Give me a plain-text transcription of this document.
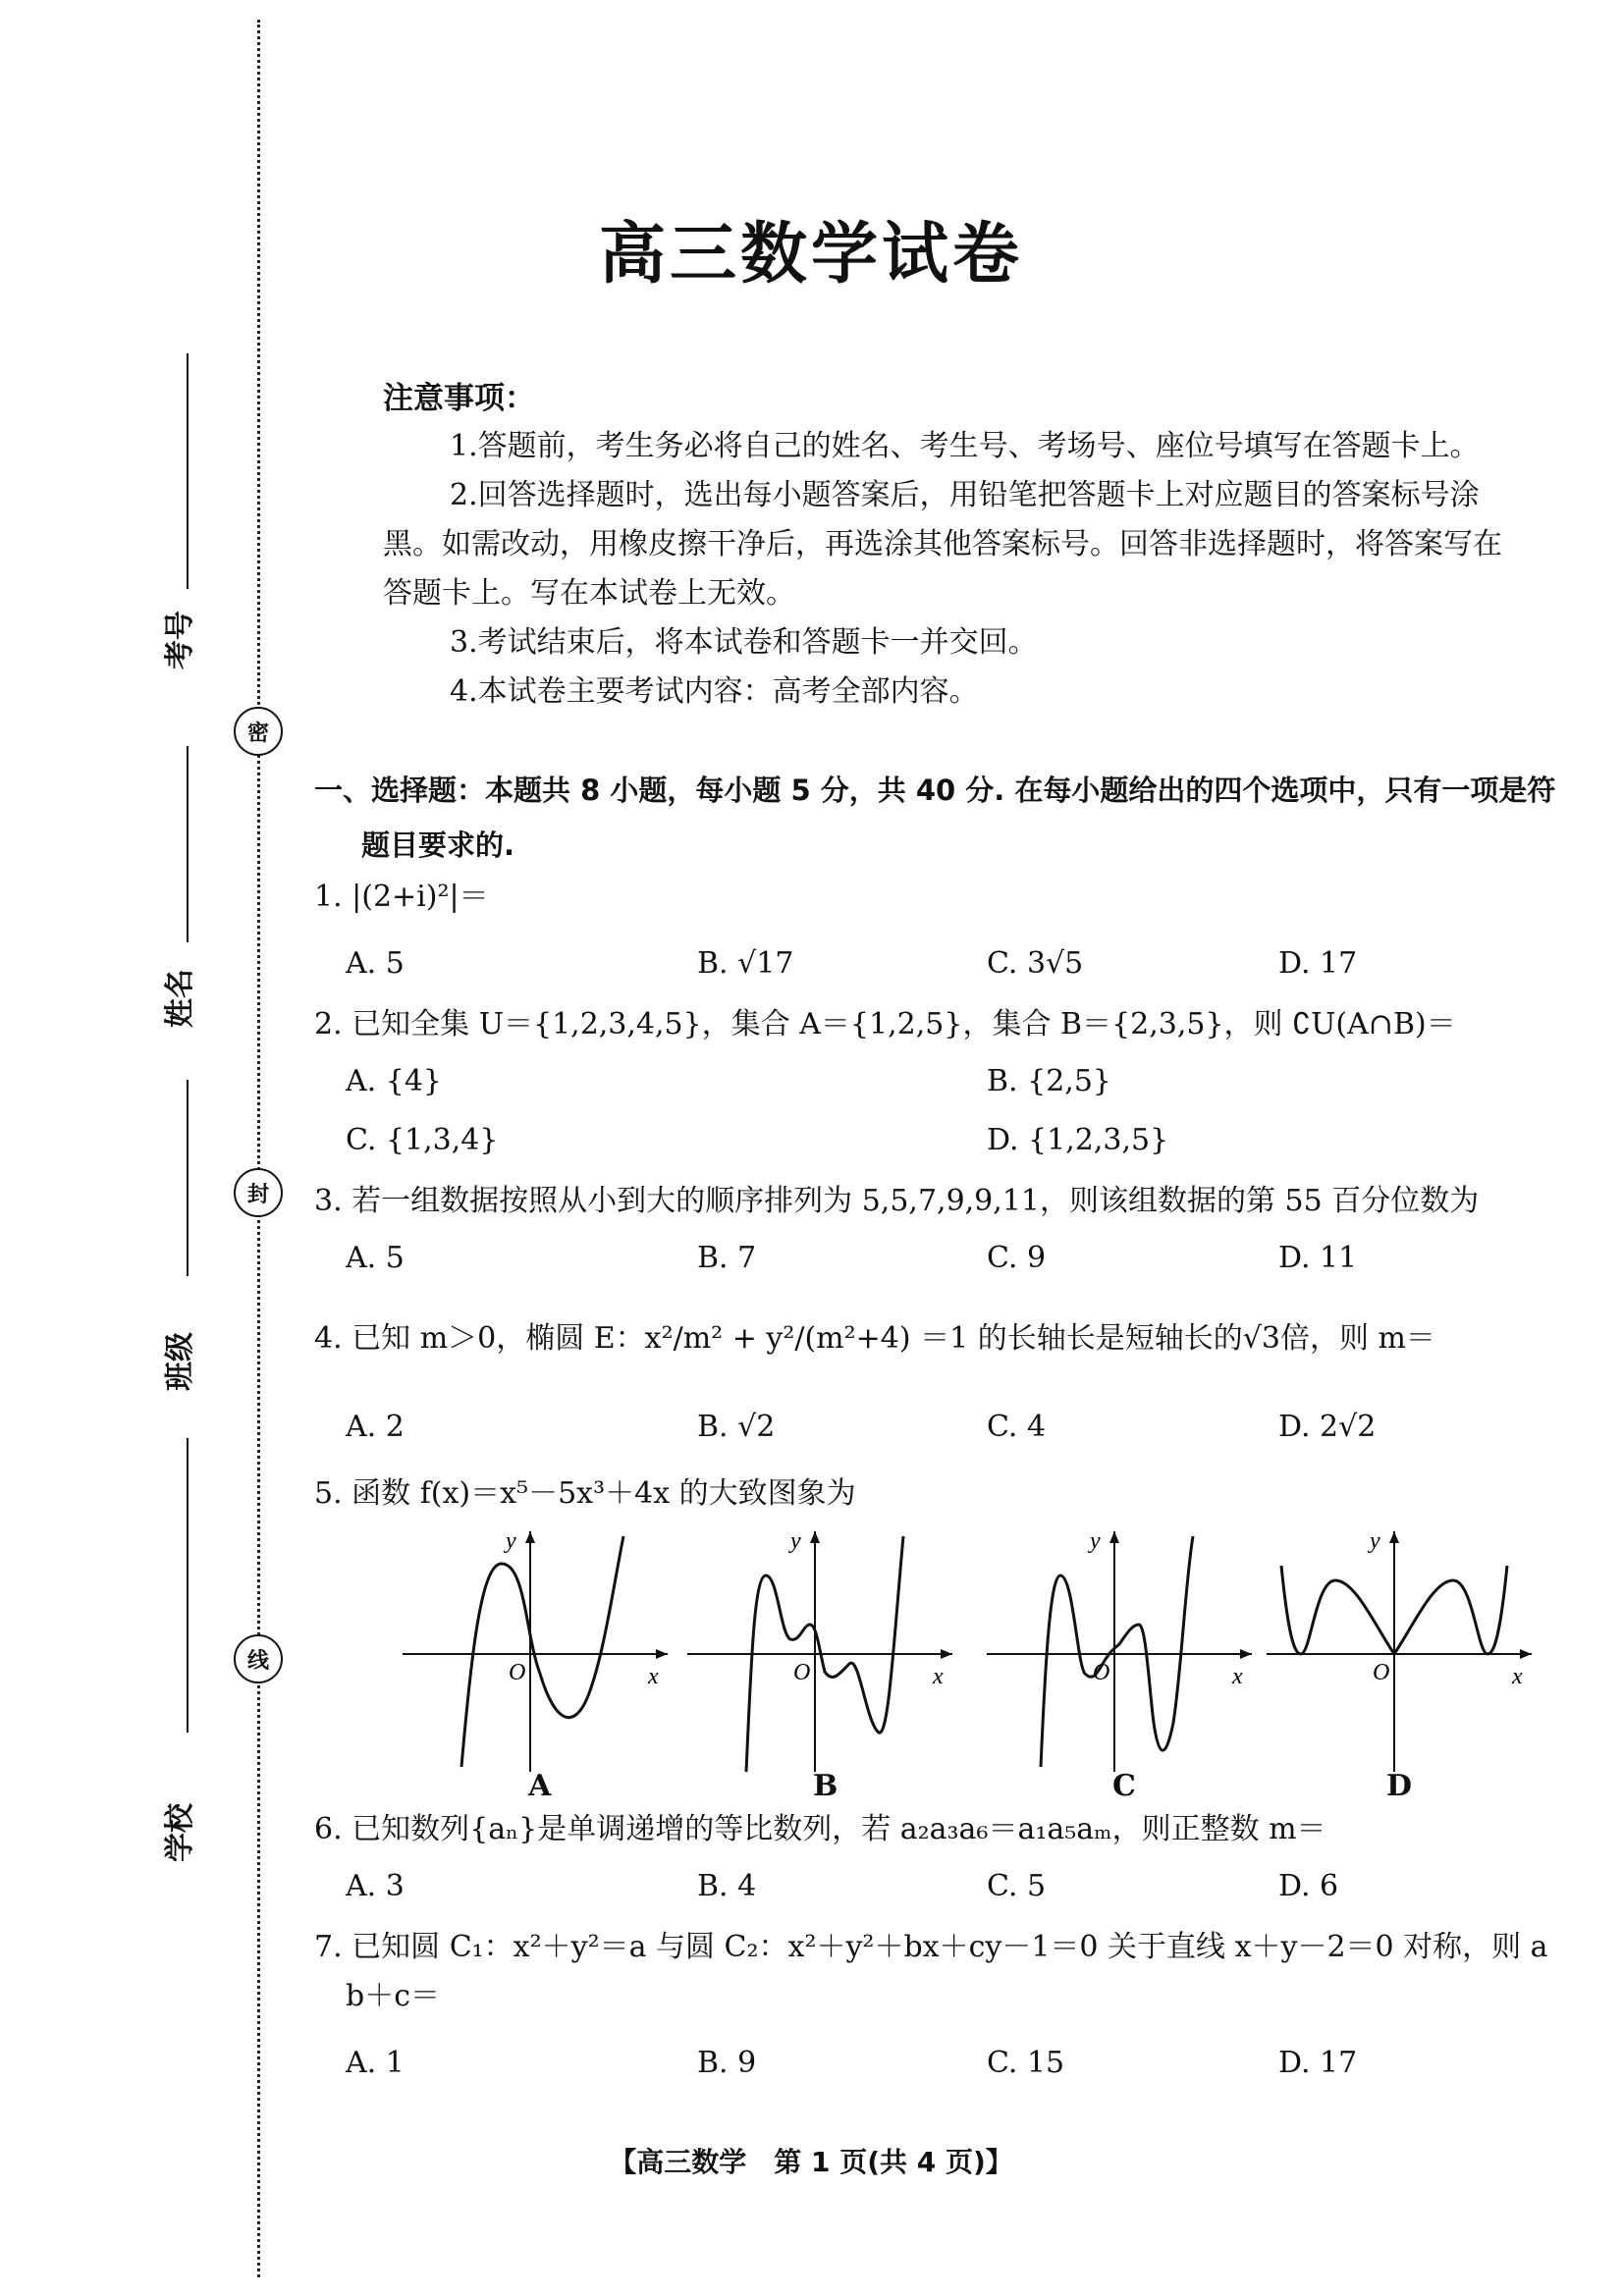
考号
姓名
班级
学校
密
封
线
高三数学试卷
注意事项：
1.答题前，考生务必将自己的姓名、考生号、考场号、座位号填写在答题卡上。
2.回答选择题时，选出每小题答案后，用铅笔把答题卡上对应题目的答案标号涂
黑。如需改动，用橡皮擦干净后，再选涂其他答案标号。回答非选择题时，将答案写在
答题卡上。写在本试卷上无效。
3.考试结束后，将本试卷和答题卡一并交回。
4.本试卷主要考试内容：高考全部内容。
一、选择题：本题共 8 小题，每小题 5 分，共 40 分. 在每小题给出的四个选项中，只有一项是符
题目要求的.
1. |(2+i)²|＝
A. 5	B. √17	C. 3√5	D. 17
2. 已知全集 U＝{1,2,3,4,5}，集合 A＝{1,2,5}，集合 B＝{2,3,5}，则 ∁U(A∩B)＝
A. {4}	B. {2,5}
C. {1,3,4}	D. {1,2,3,5}
3. 若一组数据按照从小到大的顺序排列为 5,5,7,9,9,11，则该组数据的第 55 百分位数为
A. 5	B. 7	C. 9	D. 11
4. 已知 m＞0，椭圆 E：x²/m² + y²/(m²+4) ＝1 的长轴长是短轴长的√3倍，则 m＝
A. 2	B. √2	C. 4	D. 2√2
5. 函数 f(x)＝x⁵－5x³＋4x 的大致图象为
O	x
y
A
O	x
y
B
O	x
y
C
O	x
y
D
6. 已知数列{aₙ}是单调递增的等比数列，若 a₂a₃a₆＝a₁a₅aₘ，则正整数 m＝
A. 3	B. 4	C. 5	D. 6
7. 已知圆 C₁：x²＋y²＝a 与圆 C₂：x²＋y²＋bx＋cy－1＝0 关于直线 x＋y－2＝0 对称，则 a
b＋c＝
A. 1	B. 9	C. 15	D. 17
【高三数学　第 1 页(共 4 页)】
